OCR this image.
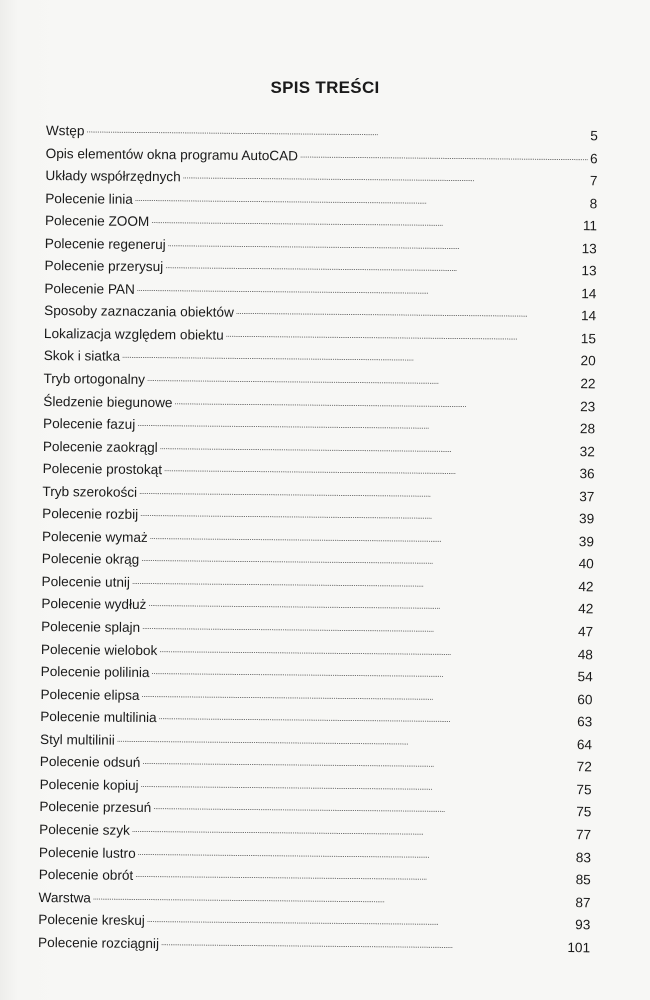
SPIS TREŚCI
Wstęp . . .	5
Opis elementów okna programu AutoCAD . . .	6
Układy współrzędnych . . .	7
Polecenie linia . . .	8
Polecenie ZOOM . . .	11
Polecenie regeneruj . . .	13
Polecenie przerysuj . . .	13
Polecenie PAN . . .	14
Sposoby zaznaczania obiektów . . .	14
Lokalizacja względem obiektu . . .	15
Skok i siatka . . .	20
Tryb ortogonalny . . .	22
Śledzenie biegunowe . . .	23
Polecenie fazuj . . .	28
Polecenie zaokrągl . . .	32
Polecenie prostokąt . . .	36
Tryb szerokości . . .	37
Polecenie rozbij . . .	39
Polecenie wymaż . . .	39
Polecenie okrąg . . .	40
Polecenie utnij . . .	42
Polecenie wydłuż . . .	42
Polecenie splajn . . .	47
Polecenie wielobok . . .	48
Polecenie polilinia . . .	54
Polecenie elipsa . . .	60
Polecenie multilinia . . .	63
Styl multilinii . . .	64
Polecenie odsuń . . .	72
Polecenie kopiuj . . .	75
Polecenie przesuń . . .	75
Polecenie szyk . . .	77
Polecenie lustro . . .	83
Polecenie obrót . . .	85
Warstwa . . .	87
Polecenie kreskuj . . .	93
Polecenie rozciągnij . . .	101
